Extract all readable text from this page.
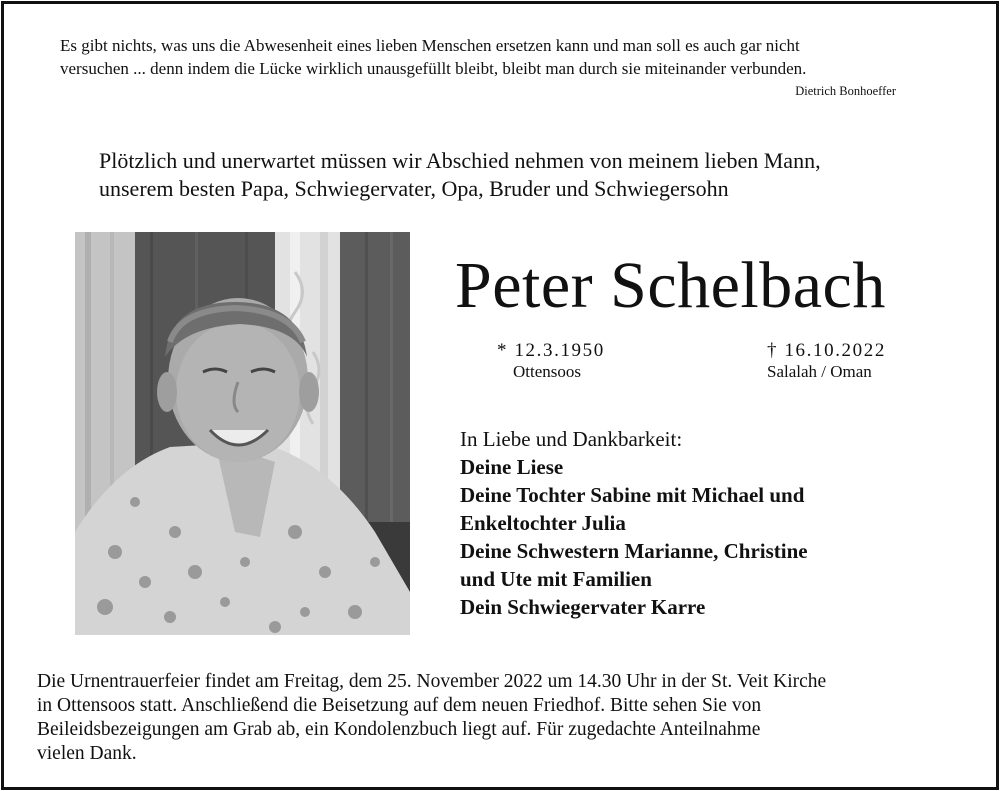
Es gibt nichts, was uns die Abwesenheit eines lieben Menschen ersetzen kann und man soll es auch gar nicht
versuchen ... denn indem die Lücke wirklich unausgefüllt bleibt, bleibt man durch sie miteinander verbunden.
Dietrich Bonhoeffer
Plötzlich und unerwartet müssen wir Abschied nehmen von meinem lieben Mann,
unserem besten Papa, Schwiegervater, Opa, Bruder und Schwiegersohn
Peter Schelbach
* 12.3.1950
Ottensoos
† 16.10.2022
Salalah / Oman
In Liebe und Dankbarkeit:
Deine Liese
Deine Tochter Sabine mit Michael und
Enkeltochter Julia
Deine Schwestern Marianne, Christine
und Ute mit Familien
Dein Schwiegervater Karre
Die Urnentrauerfeier findet am Freitag, dem 25. November 2022 um 14.30 Uhr in der St. Veit Kirche
in Ottensoos statt. Anschließend die Beisetzung auf dem neuen Friedhof. Bitte sehen Sie von
Beileidsbezeigungen am Grab ab, ein Kondolenzbuch liegt auf. Für zugedachte Anteilnahme
vielen Dank.
